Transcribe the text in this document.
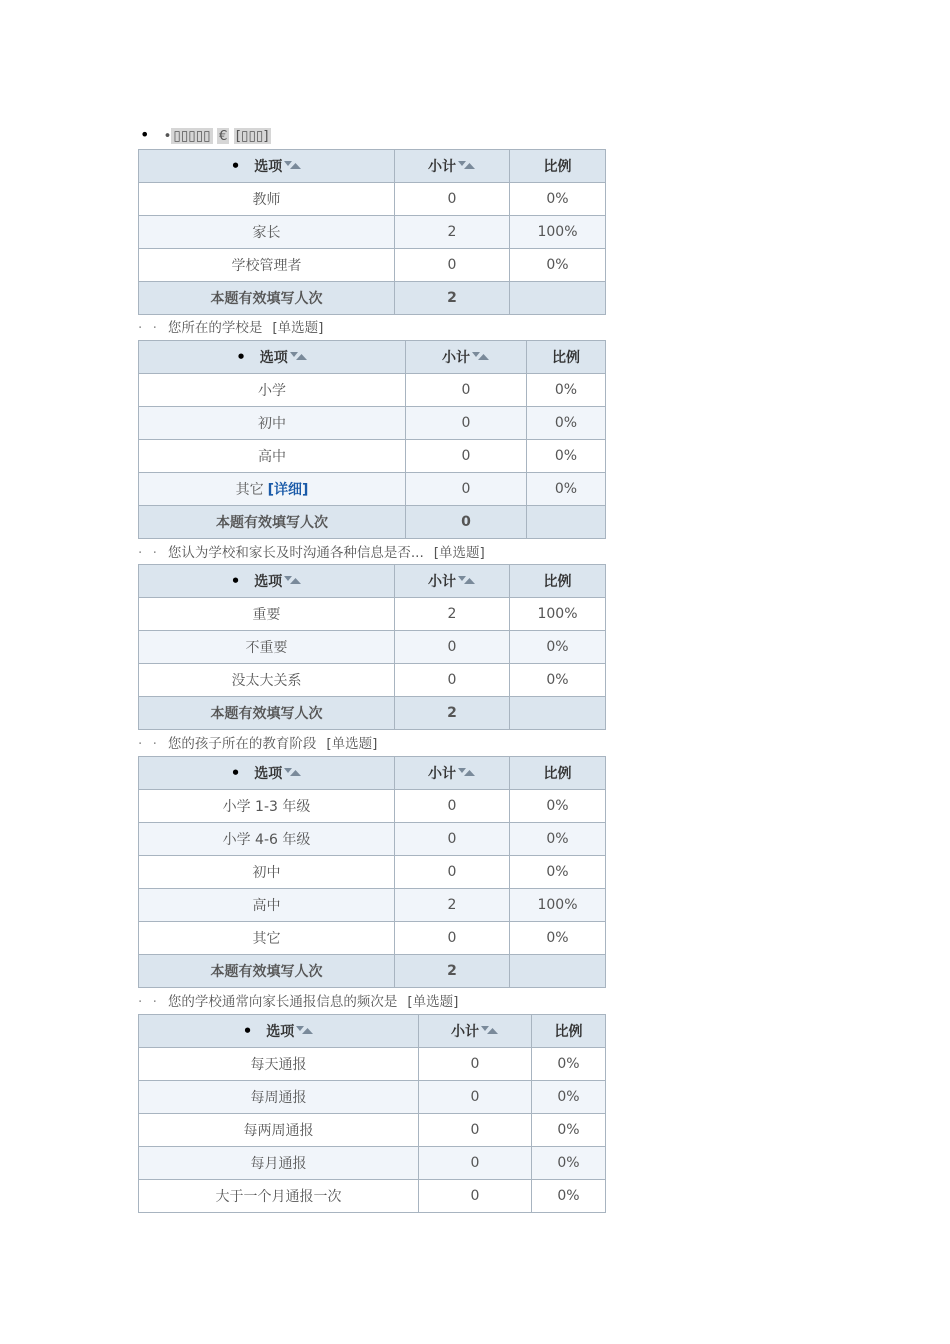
• • ▯▯▯▯▯ € [▯▯▯]
• 选项	小计	比例
教师	0	0%
家长	2	100%
学校管理者	0	0%
本题有效填写人次	2	
· · 您所在的学校是 [单选题]
• 选项	小计	比例
小学	0	0%
初中	0	0%
高中	0	0%
其它 [详细]	0	0%
本题有效填写人次	0	
· · 您认为学校和家长及时沟通各种信息是否... [单选题]
• 选项	小计	比例
重要	2	100%
不重要	0	0%
没太大关系	0	0%
本题有效填写人次	2	
· · 您的孩子所在的教育阶段 [单选题]
• 选项	小计	比例
小学 1-3 年级	0	0%
小学 4-6 年级	0	0%
初中	0	0%
高中	2	100%
其它	0	0%
本题有效填写人次	2	
· · 您的学校通常向家长通报信息的频次是 [单选题]
• 选项	小计	比例
每天通报	0	0%
每周通报	0	0%
每两周通报	0	0%
每月通报	0	0%
大于一个月通报一次	0	0%
